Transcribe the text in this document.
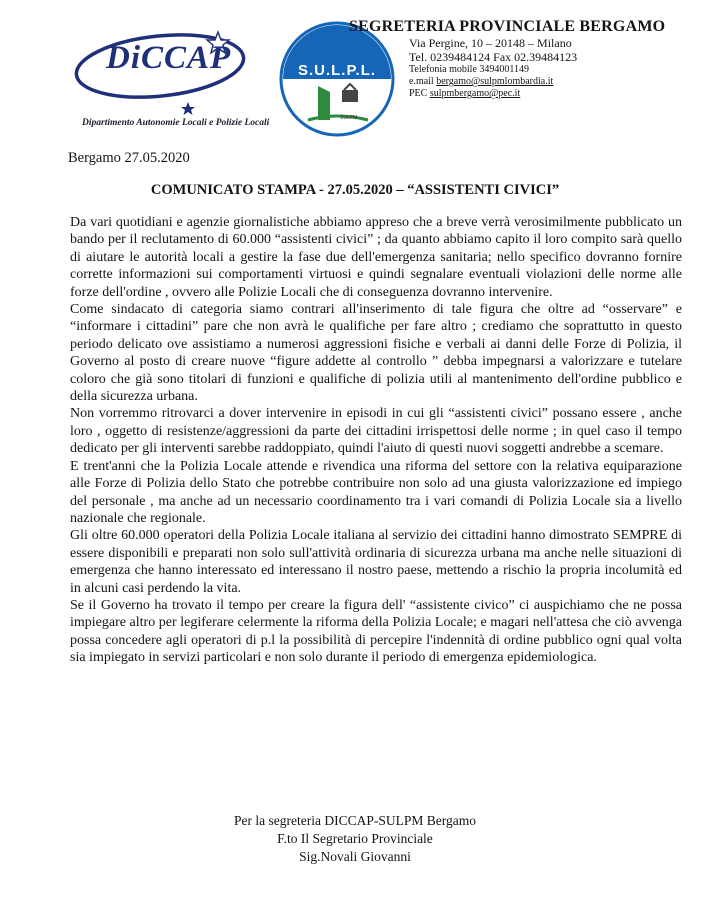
DiCCAP
Dipartimento Autonomie Locali e Polizie Locali
S.U.L.P.L.
SULPM
SEGRETERIA PROVINCIALE BERGAMO
Via Pergine, 10 – 20148 – Milano
Tel. 0239484124 Fax 02.39484123
Telefonia mobile 3494001149
e.mail bergamo@sulpmlombardia.it
PEC sulpmbergamo@pec.it
Bergamo 27.05.2020
COMUNICATO STAMPA - 27.05.2020 – “ASSISTENTI CIVICI”

Da vari quotidiani e agenzie giornalistiche abbiamo appreso che a breve verrà verosimilmente pubblicato un bando per il reclutamento di 60.000 “assistenti civici” ; da quanto abbiamo capito il loro compito sarà quello di aiutare le autorità locali a gestire la fase due dell'emergenza sanitaria; nello specifico dovranno fornire corrette informazioni sui comportamenti virtuosi e quindi segnalare eventuali violazioni delle norme alle forze dell'ordine , ovvero alle Polizie Locali che di conseguenza dovranno intervenire.

Come sindacato di categoria siamo contrari all'inserimento di tale figura che oltre ad “osservare” e “informare i cittadini” pare che non avrà le qualifiche per fare altro ; crediamo che soprattutto in questo periodo delicato ove assistiamo a numerosi aggressioni fisiche e verbali ai danni delle Forze di Polizia, il Governo al posto di creare nuove “figure addette al controllo ” debba impegnarsi a valorizzare e tutelare coloro che già sono titolari di funzioni e qualifiche di polizia utili al mantenimento dell'ordine pubblico e della sicurezza urbana.

Non vorremmo ritrovarci a dover intervenire in episodi in cui gli “assistenti civici” possano essere , anche loro , oggetto di resistenze/aggressioni da parte dei cittadini irrispettosi delle norme ; in quel caso il tempo dedicato per gli interventi sarebbe raddoppiato, quindi l'aiuto di questi nuovi soggetti andrebbe a scemare.

E trent'anni che la Polizia Locale attende e rivendica una riforma del settore con la relativa equiparazione alle Forze di Polizia dello Stato che potrebbe contribuire non solo ad una giusta valorizzazione ed impiego del personale , ma anche ad un necessario coordinamento tra i vari comandi di Polizia Locale sia a livello nazionale che regionale.

Gli oltre 60.000 operatori della Polizia Locale italiana al servizio dei cittadini hanno dimostrato SEMPRE di essere disponibili e preparati non solo sull'attività ordinaria di sicurezza urbana ma anche nelle situazioni di emergenza che hanno interessato ed interessano il nostro paese, mettendo a rischio la propria incolumità ed in alcuni casi perdendo la vita.

Se il Governo ha trovato il tempo per creare la figura dell' “assistente civico” ci auspichiamo che ne possa impiegare altro per legiferare celermente la riforma della Polizia Locale; e magari nell'attesa che ciò avvenga possa concedere agli operatori di p.l la possibilità di percepire l'indennità di ordine pubblico ogni qual volta sia impiegato in servizi particolari e non solo durante il periodo di emergenza epidemiologica.

Per la segreteria DICCAP-SULPM Bergamo
F.to Il Segretario Provinciale
Sig.Novali Giovanni
